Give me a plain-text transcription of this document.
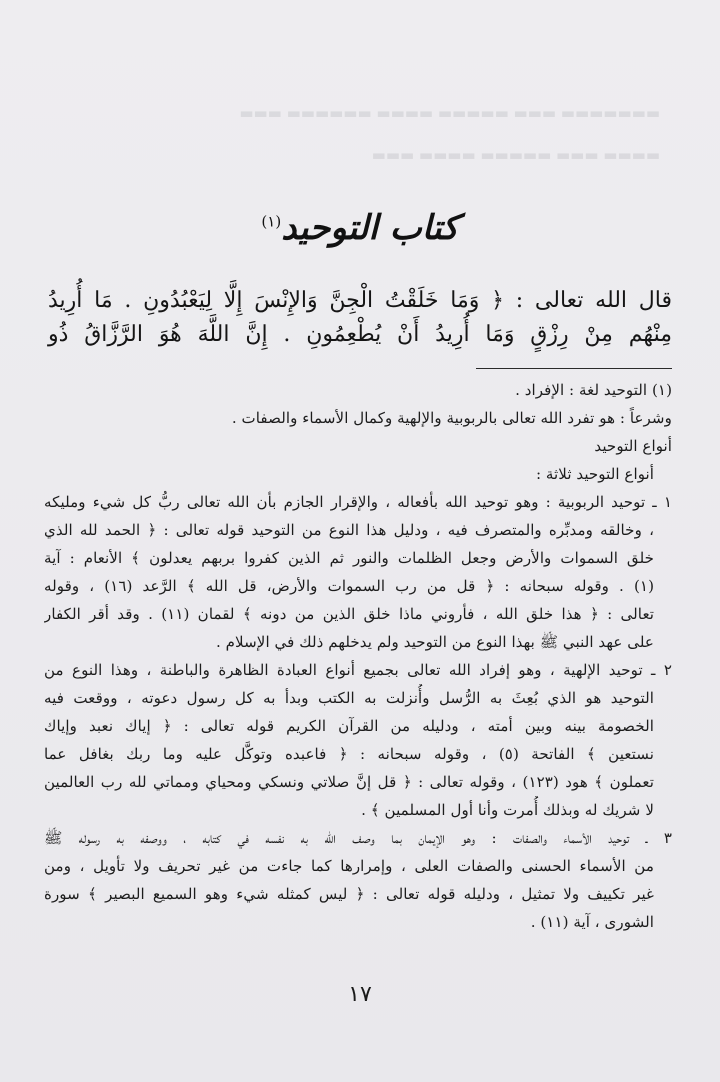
▬▬▬▬▬▬▬ ▬▬▬ ▬▬▬▬▬ ▬▬▬▬ ▬▬▬▬▬▬ ▬▬▬
▬▬▬▬ ▬▬▬ ▬▬▬▬▬ ▬▬▬▬ ▬▬▬
كتاب التوحيد$^{(١)}$
قال الله تعالى : ﴿ وَمَا خَلَقْتُ الْجِنَّ وَالإِنْسَ إِلَّا لِيَعْبُدُونِ . مَا أُرِيدُ
مِنْهُم مِنْ رِزْقٍ وَمَا أُرِيدُ أَنْ يُطْعِمُونِ . إِنَّ اللَّهَ هُوَ الرَّزَّاقُ ذُو
(١) التوحيد لغة : الإفراد .
وشرعاً : هو تفرد الله تعالى بالربوبية والإلهية وكمال الأسماء والصفات .
أنواع التوحيد
أنواع التوحيد ثلاثة :
١ ـ توحيد الربوبية : وهو توحيد الله بأفعاله ، والإقرار الجازم بأن الله تعالى ربُّ كل شيء ومليكه
، وخالقه ومدبِّره والمتصرف فيه ، ودليل هذا النوع من التوحيد قوله تعالى : ﴿ الحمد لله الذي
خلق السموات والأرض وجعل الظلمات والنور ثم الذين كفروا بربهم يعدلون ﴾ الأنعام : آية
(١) . وقوله سبحانه : ﴿ قل من رب السموات والأرض، قل الله ﴾ الرَّعد (١٦) ، وقوله
تعالى : ﴿ هذا خلق الله ، فأروني ماذا خلق الذين من دونه ﴾ لقمان (١١) . وقد أقر الكفار
على عهد النبي ﷺ بهذا النوع من التوحيد ولم يدخلهم ذلك في الإسلام .
٢ ـ توحيد الإلهية ، وهو إفراد الله تعالى بجميع أنواع العبادة الظاهرة والباطنة ، وهذا النوع من
التوحيد هو الذي بُعِثَ به الرُّسل وأُنزلت به الكتب وبدأ به كل رسول دعوته ، ووقعت فيه
الخصومة بينه وبين أمته ، ودليله من القرآن الكريم قوله تعالى : ﴿ إياك نعبد وإياك
نستعين ﴾ الفاتحة (٥) ، وقوله سبحانه : ﴿ فاعبده وتوكَّل عليه وما ربك بغافل عما
تعملون ﴾ هود (١٢٣) ، وقوله تعالى : ﴿ قل إنَّ صلاتي ونسكي ومحياي ومماتي لله رب العالمين
لا شريك له وبذلك أُمرت وأنا أول المسلمين ﴾ .
٣ ـ توحيد الأسماء والصفات : وهو الإيمان بما وصف الله به نفسه في كتابه ، ووصفه به رسوله ﷺ
من الأسماء الحسنى والصفات العلى ، وإمرارها كما جاءت من غير تحريف ولا تأويل ، ومن
غير تكييف ولا تمثيل ، ودليله قوله تعالى : ﴿ ليس كمثله شيء وهو السميع البصير ﴾ سورة
الشورى ، آية (١١) .
١٧
